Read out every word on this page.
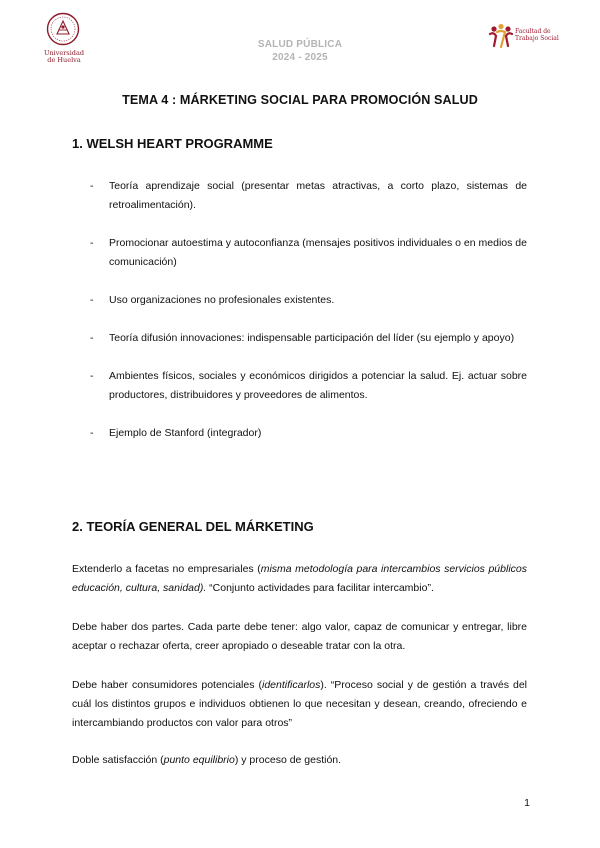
Universidad
de Huelva
SALUD PÚBLICA
2024 - 2025
Facultad de
Trabajo Social
TEMA 4 : MÁRKETING SOCIAL PARA PROMOCIÓN SALUD
1. WELSH HEART PROGRAMME
- Teoría aprendizaje social (presentar metas atractivas, a corto plazo, sistemas de retroalimentación).
- Promocionar autoestima y autoconfianza (mensajes positivos individuales o en medios de comunicación)
- Uso organizaciones no profesionales existentes.
- Teoría difusión innovaciones: indispensable participación del líder (su ejemplo y apoyo)
- Ambientes físicos, sociales y económicos dirigidos a potenciar la salud. Ej. actuar sobre productores, distribuidores y proveedores de alimentos.
- Ejemplo de Stanford (integrador)
2. TEORÍA GENERAL DEL MÁRKETING

Extenderlo a facetas no empresariales (misma metodología para intercambios servicios públicos educación, cultura, sanidad). “Conjunto actividades para facilitar intercambio”.

Debe haber dos partes. Cada parte debe tener: algo valor, capaz de comunicar y entregar, libre aceptar o rechazar oferta, creer apropiado o deseable tratar con la otra.

Debe haber consumidores potenciales (identificarlos). “Proceso social y de gestión a través del cuál los distintos grupos e individuos obtienen lo que necesitan y desean, creando, ofreciendo e intercambiando productos con valor para otros”

Doble satisfacción (punto equilibrio) y proceso de gestión.

1
